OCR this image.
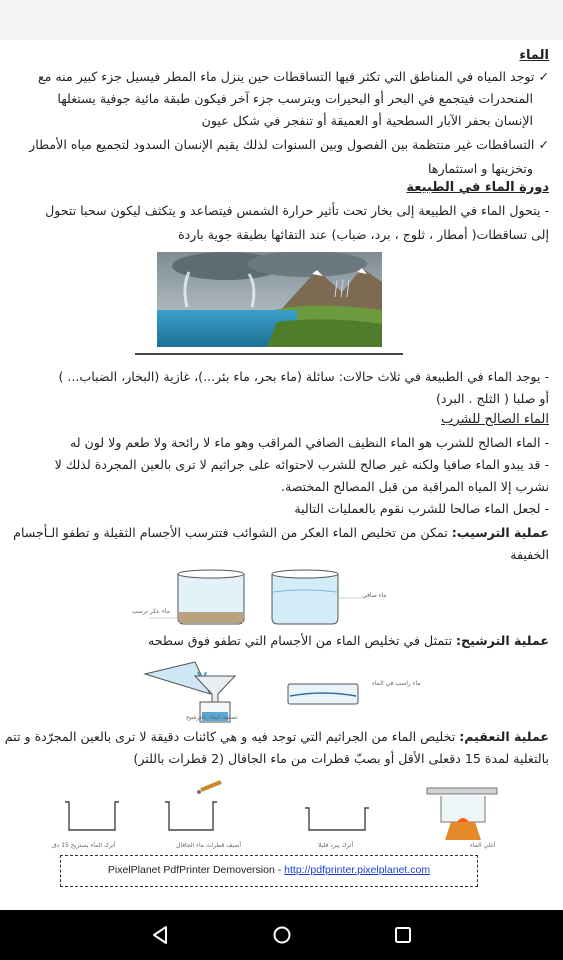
الماء
✓ توجد المياه في المناطق التي تكثر فيها التساقطات حين ينزل ماء المطر فيسيل جزء كبير منه مع
المنحدرات فيتجمع في البحر أو البحيرات ويترسب جزء آخر فيكون طبقة مائية جوفية يستغلها
الإنسان بحفر الآبار السطحية أو العميقة أو تنفجر في شكل عيون
✓ التساقطات غير منتظمة بين الفصول وبين السنوات لذلك يقيم الإنسان السدود لتجميع مياه الأمطار
وتخزينها و استثمارها
دورة الماء في الطبيعة
- يتحول الماء في الطبيعة إلى بخار تحت تأثير حرارة الشمس فيتصاعد و يتكثف ليكون سحبا تتحول
إلى تساقطات( أمطار ، ثلوج ، برد، ضباب) عند التقائها بطبقة جوية باردة
- يوجد الماء في الطبيعة في ثلاث حالات: سائلة (ماء بحر، ماء بئر...)، غازية (البخار، الضباب... )
أو صلبا ( الثلج . البرد)
الماء الصالح للشرب
- الماء الصالح للشرب هو الماء النظيف الصافي المراقب وهو ماء لا رائحة ولا طعم ولا لون له
- قد يبدو الماء صافيا ولكنه غير صالح للشرب لاحتوائه على جراثيم لا ترى بالعين المجردة لذلك لا
نشرب إلا المياه المراقبة من قبل المصالح المختصة.
- لجعل الماء صالحا للشرب نقوم بالعمليات التالية
عملية الترسيب: تمكن من تخليص الماء العكر من الشوائب فتترسب الأجسام الثقيلة و تطفو الـأجسام
الخفيفة
ماء عكر ترسب
ماء صافي
عملية الترشيح: تتمثل في تخليص الماء من الأجسام التي تطفو فوق سطحه
تصفية الماء بالترشيح
ماء راسب في الماء
عملية التعقيم: تخليص الماء من الجراثيم التي توجد فيه و هي كائنات دقيقة لا ترى بالعين المجرّدة و تتم
بالتغلية لمدة 15 دقعلى الأقل أو بصبّ قطرات من ماء الجافال (2 قطرات باللتر)
أغلي الماء
أترك يبرد قليلا
أضيف قطرات ماء الجافال
أترك الماء يستريح 15 دق
PixelPlanet PdfPrinter Demoversion - http://pdfprinter.pixelplanet.com
